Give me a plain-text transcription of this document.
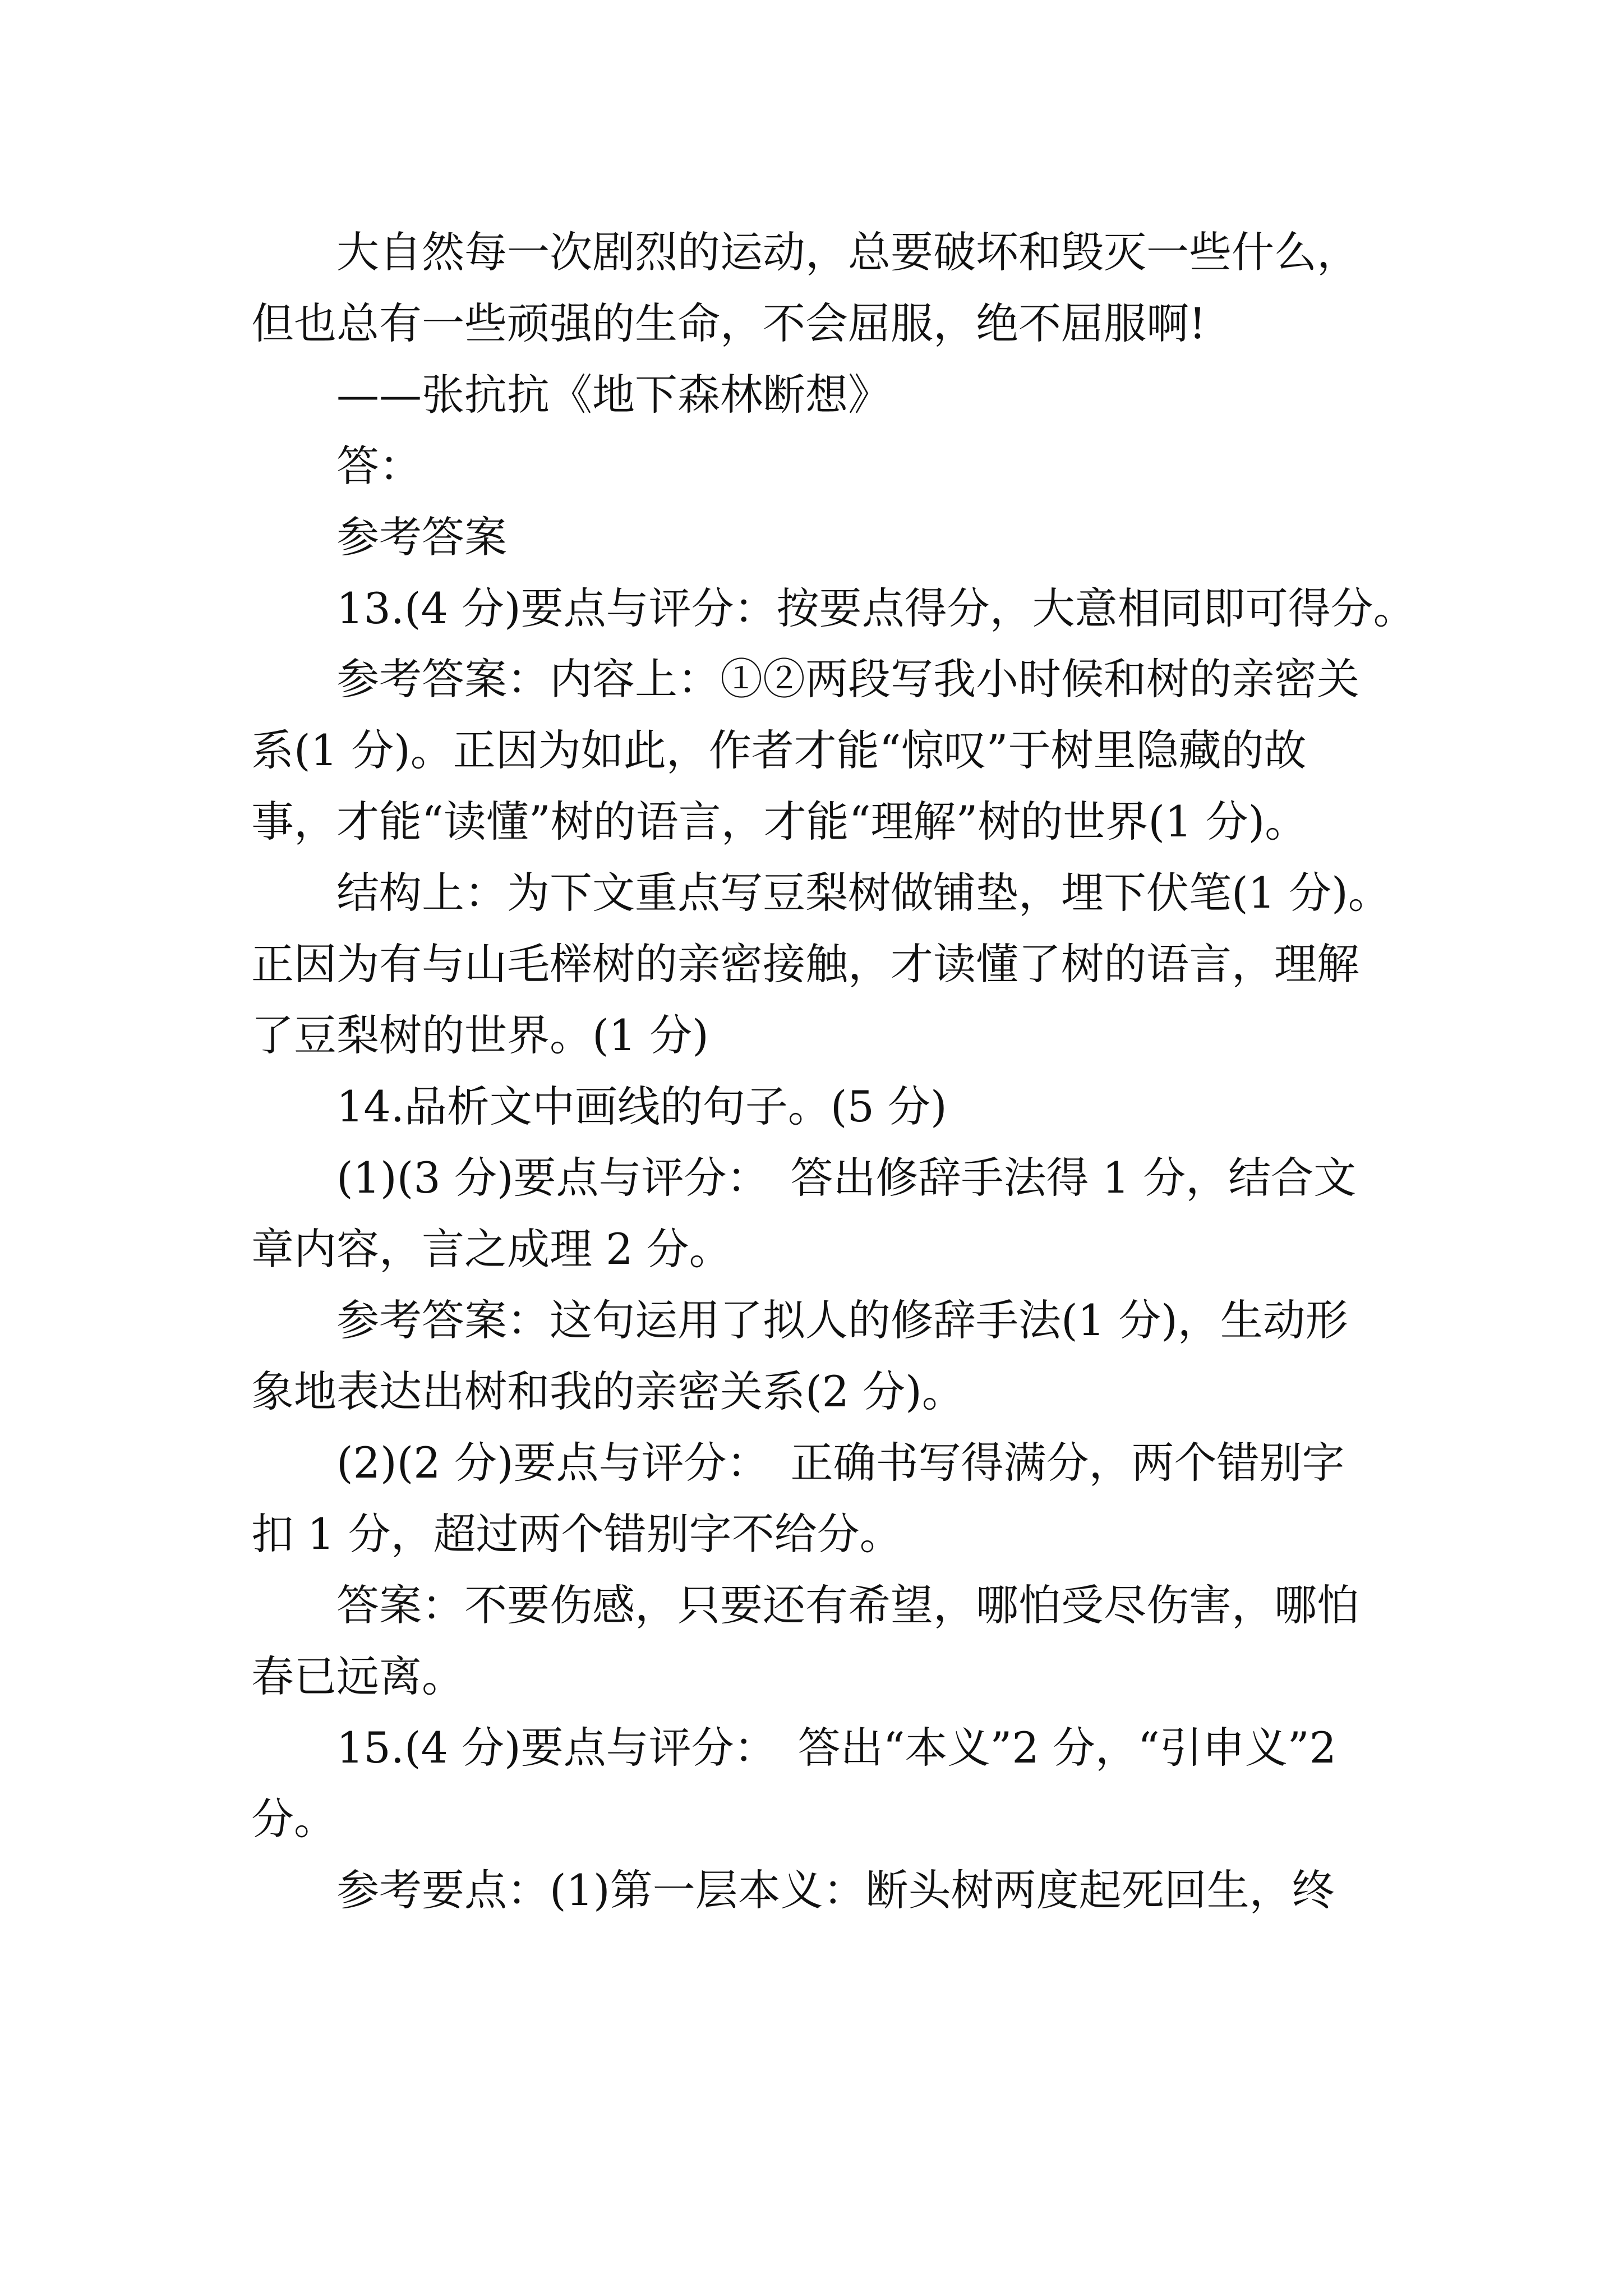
　　大自然每一次剧烈的运动，总要破坏和毁灭一些什么，

但也总有一些顽强的生命，不会屈服，绝不屈服啊!

　　——张抗抗《地下森林断想》

　　答：

　　参考答案

　　13.(4 分)要点与评分：按要点得分，大意相同即可得分。

　　参考答案：内容上：①②两段写我小时候和树的亲密关

系(1 分)。正因为如此，作者才能“惊叹”于树里隐藏的故

事，才能“读懂”树的语言，才能“理解”树的世界(1 分)。

　　结构上：为下文重点写豆梨树做铺垫，埋下伏笔(1 分)。

正因为有与山毛榉树的亲密接触，才读懂了树的语言，理解

了豆梨树的世界。(1 分)

　　14.品析文中画线的句子。(5 分)

　　(1)(3 分)要点与评分：　答出修辞手法得 1 分，结合文

章内容，言之成理 2 分。

　　参考答案：这句运用了拟人的修辞手法(1 分)，生动形

象地表达出树和我的亲密关系(2 分)。

　　(2)(2 分)要点与评分：　正确书写得满分，两个错别字

扣 1 分，超过两个错别字不给分。

　　答案：不要伤感，只要还有希望，哪怕受尽伤害，哪怕

春已远离。

　　15.(4 分)要点与评分：　答出“本义”2 分，“引申义”2

分。

　　参考要点：(1)第一层本义：断头树两度起死回生，终
